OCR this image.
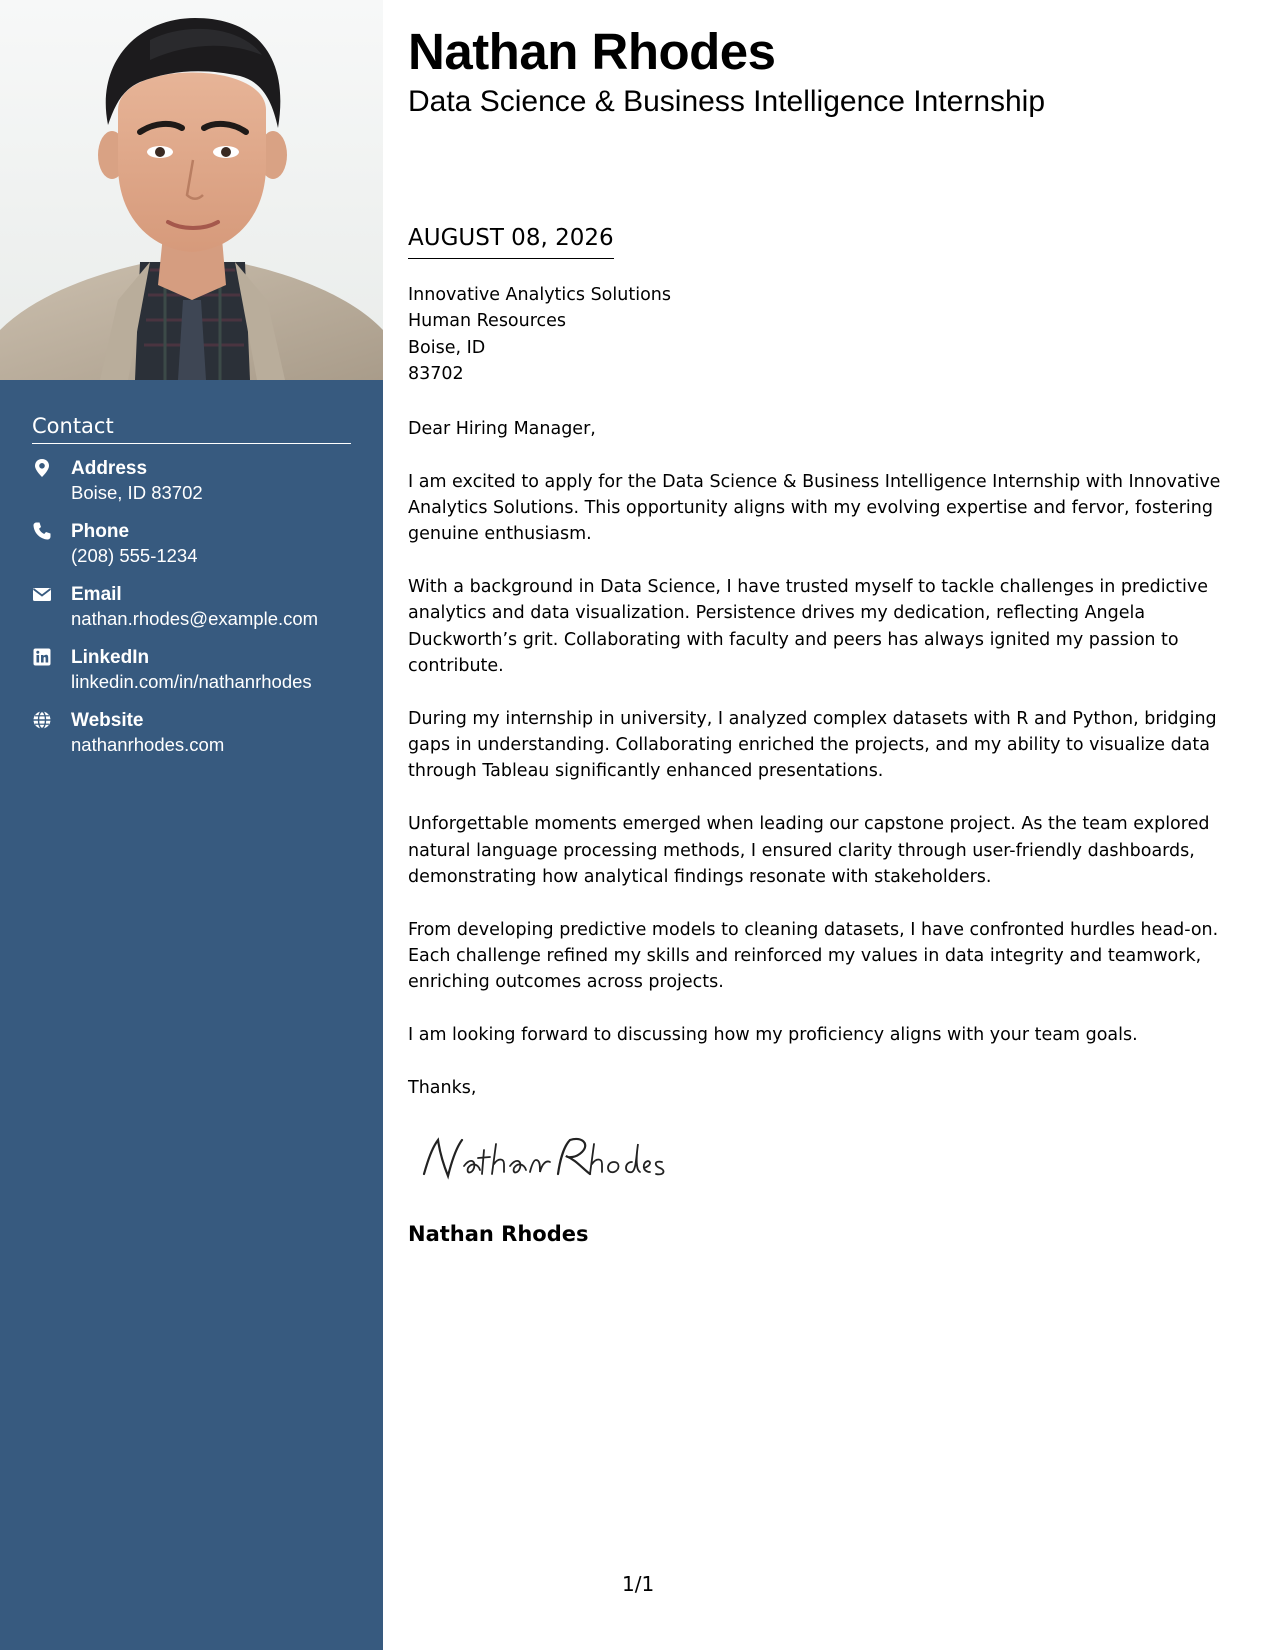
Contact
Address
Boise, ID 83702
Phone
(208) 555-1234
Email
nathan.rhodes@example.com
LinkedIn
linkedin.com/in/nathanrhodes
Website
nathanrhodes.com
Nathan Rhodes
Data Science & Business Intelligence Internship
AUGUST 08, 2026
Innovative Analytics Solutions
Human Resources
Boise, ID
83702

Dear Hiring Manager,

I am excited to apply for the Data Science & Business Intelligence Internship with Innovative Analytics Solutions. This opportunity aligns with my evolving expertise and fervor, fostering genuine enthusiasm.

With a background in Data Science, I have trusted myself to tackle challenges in predictive analytics and data visualization. Persistence drives my dedication, reflecting Angela Duckworth’s grit. Collaborating with faculty and peers has always ignited my passion to contribute.

During my internship in university, I analyzed complex datasets with R and Python, bridging gaps in understanding. Collaborating enriched the projects, and my ability to visualize data through Tableau significantly enhanced presentations.

Unforgettable moments emerged when leading our capstone project. As the team explored natural language processing methods, I ensured clarity through user-friendly dashboards, demonstrating how analytical findings resonate with stakeholders.

From developing predictive models to cleaning datasets, I have confronted hurdles head-on. Each challenge refined my skills and reinforced my values in data integrity and teamwork, enriching outcomes across projects.

I am looking forward to discussing how my proficiency aligns with your team goals.

Thanks,
Nathan Rhodes
1/1
